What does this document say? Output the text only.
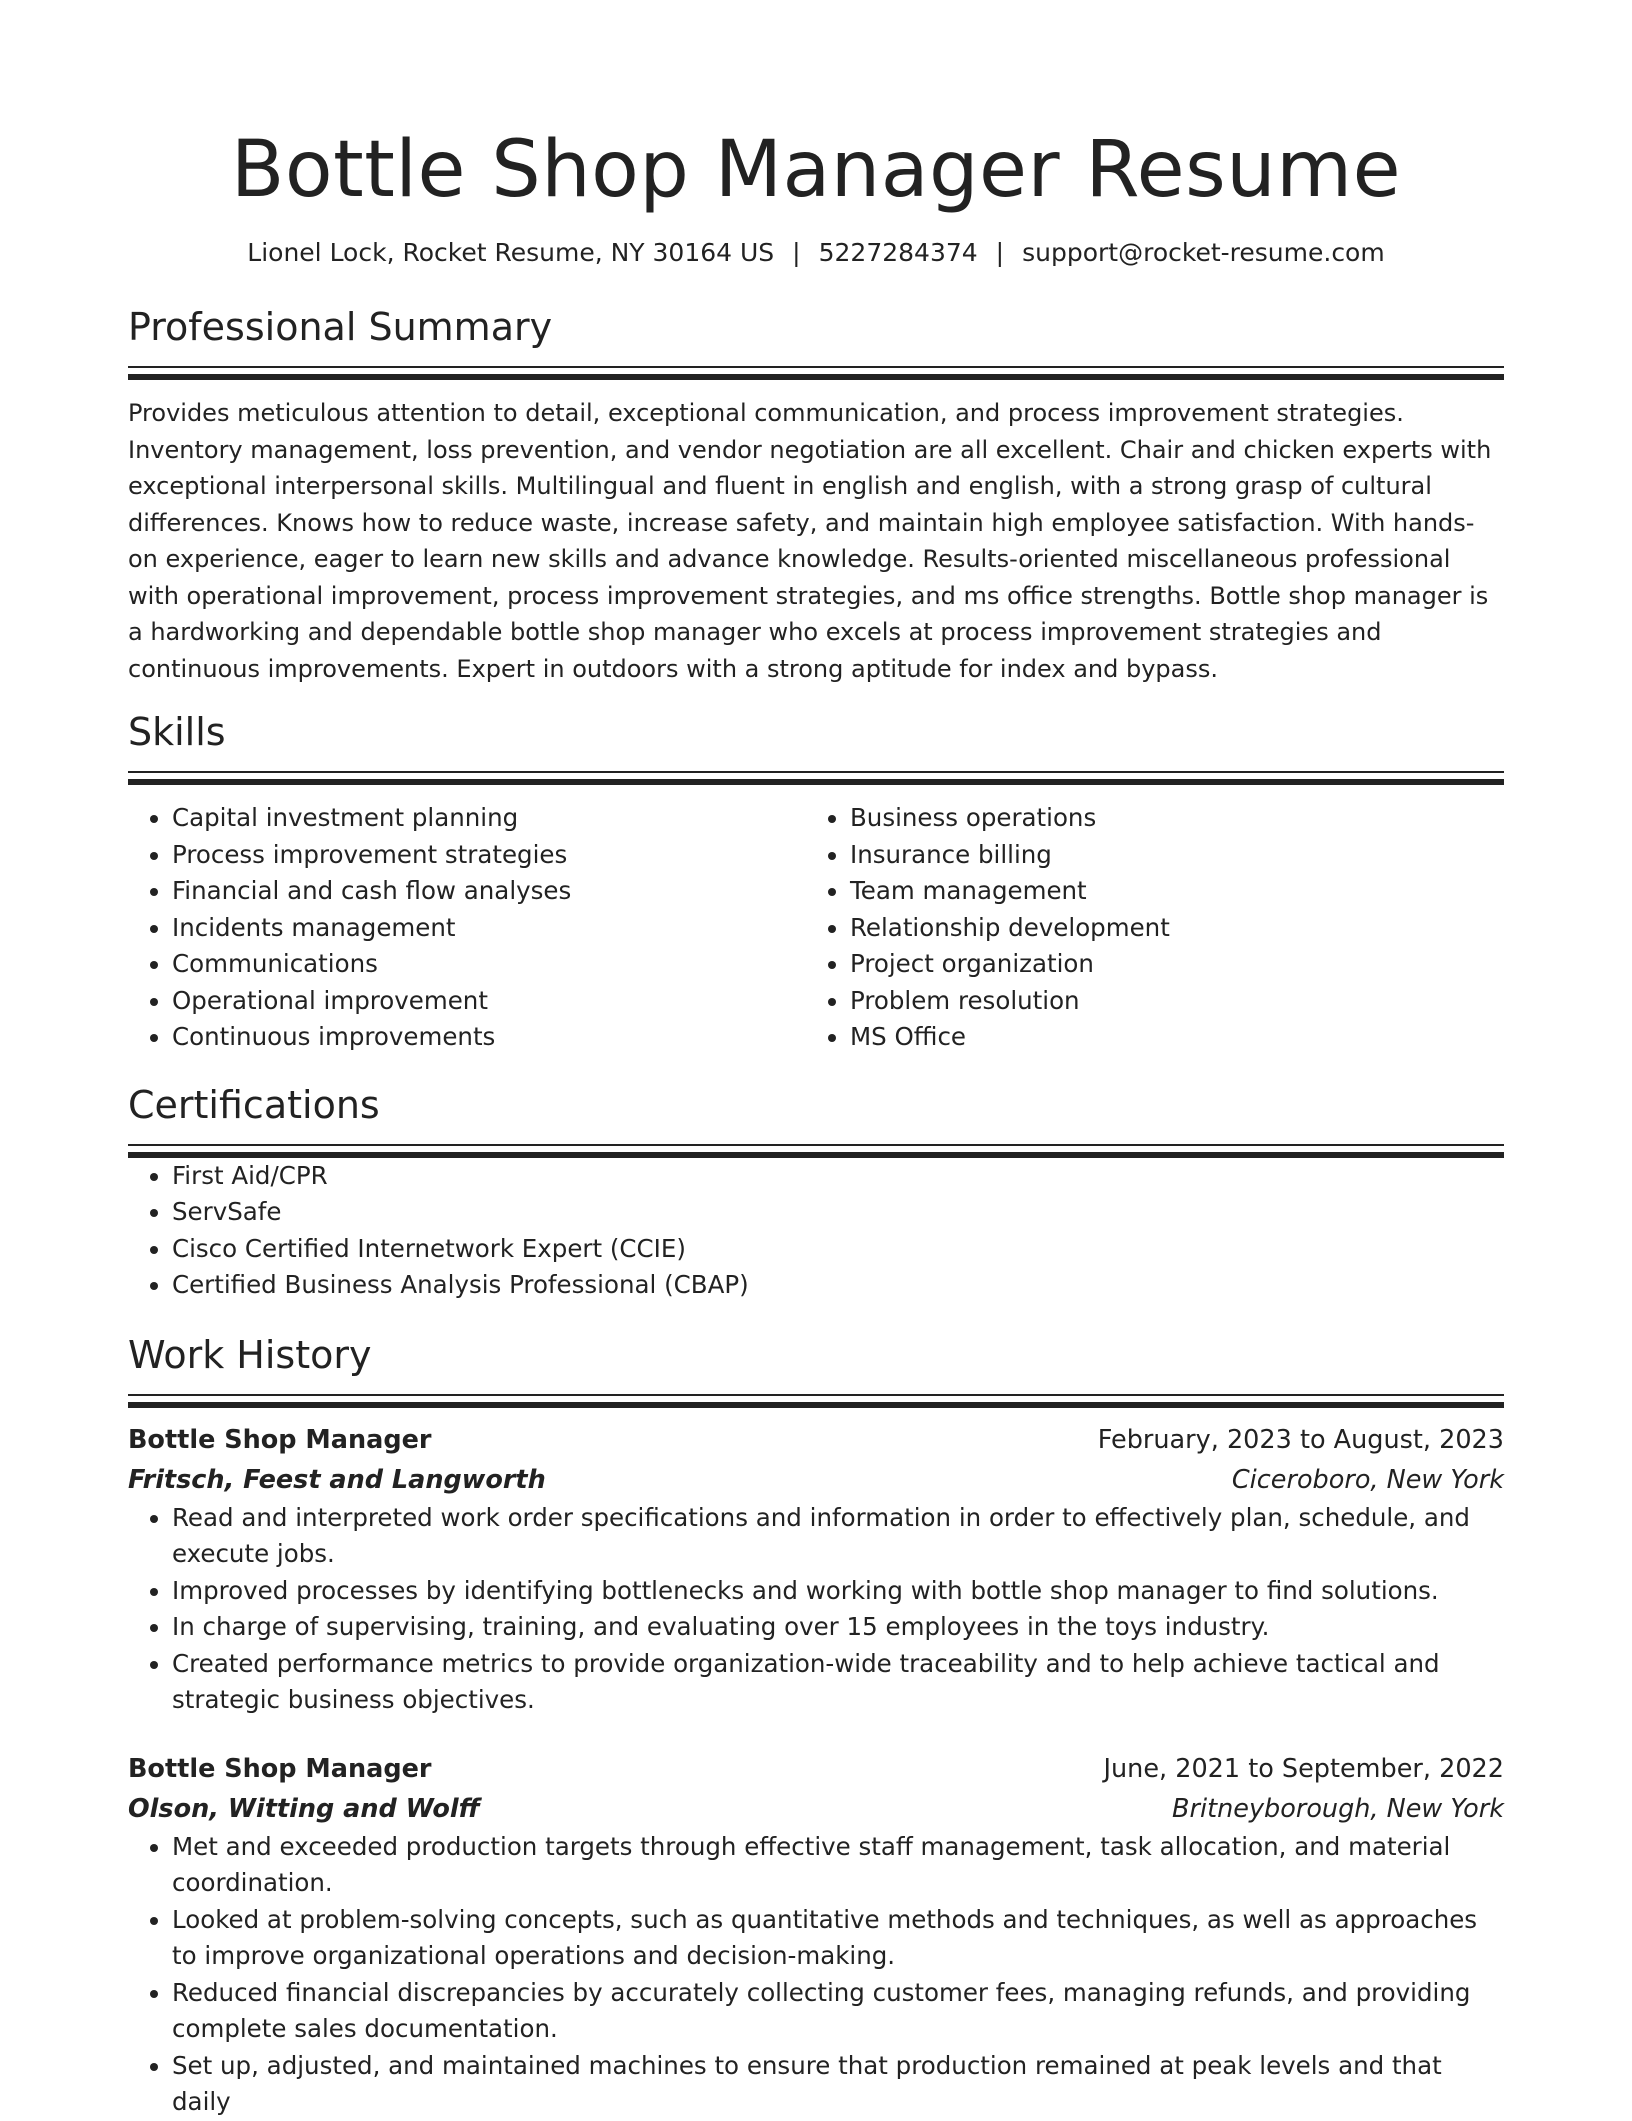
Bottle Shop Manager Resume
Lionel Lock, Rocket Resume, NY 30164 US | 5227284374 | support@rocket-resume.com
Professional Summary

Provides meticulous attention to detail, exceptional communication, and process improvement strategies. Inventory management, loss prevention, and vendor negotiation are all excellent. Chair and chicken experts with exceptional interpersonal skills. Multilingual and fluent in english and english, with a strong grasp of cultural differences. Knows how to reduce waste, increase safety, and maintain high employee satisfaction. With hands-on experience, eager to learn new skills and advance knowledge. Results-oriented miscellaneous professional with operational improvement, process improvement strategies, and ms office strengths. Bottle shop manager is a hardworking and dependable bottle shop manager who excels at process improvement strategies and continuous improvements. Expert in outdoors with a strong aptitude for index and bypass.

Skills
• Capital investment planning
• Process improvement strategies
• Financial and cash flow analyses
• Incidents management
• Communications
• Operational improvement
• Continuous improvements
• Business operations
• Insurance billing
• Team management
• Relationship development
• Project organization
• Problem resolution
• MS Office
Certifications
• First Aid/CPR
• ServSafe
• Cisco Certified Internetwork Expert (CCIE)
• Certified Business Analysis Professional (CBAP)
Work History
Bottle Shop Manager	February, 2023 to August, 2023
Fritsch, Feest and Langworth	Ciceroboro, New York
• Read and interpreted work order specifications and information in order to effectively plan, schedule, and execute jobs.
• Improved processes by identifying bottlenecks and working with bottle shop manager to find solutions.
• In charge of supervising, training, and evaluating over 15 employees in the toys industry.
• Created performance metrics to provide organization-wide traceability and to help achieve tactical and strategic business objectives.
Bottle Shop Manager	June, 2021 to September, 2022
Olson, Witting and Wolff	Britneyborough, New York
• Met and exceeded production targets through effective staff management, task allocation, and material coordination.
• Looked at problem-solving concepts, such as quantitative methods and techniques, as well as approaches to improve organizational operations and decision-making.
• Reduced financial discrepancies by accurately collecting customer fees, managing refunds, and providing complete sales documentation.
• Set up, adjusted, and maintained machines to ensure that production remained at peak levels and that daily
